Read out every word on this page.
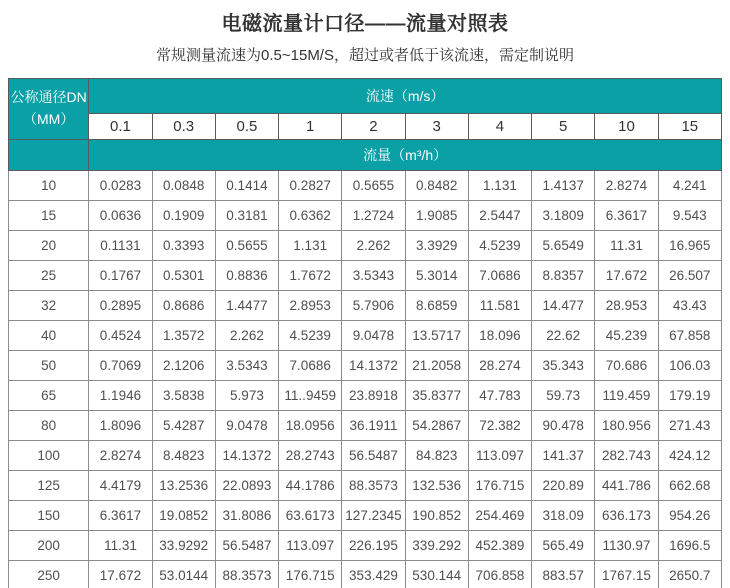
电磁流量计口径——流量对照表

常规测量流速为0.5~15M/S，超过或者低于该流速，需定制说明

公称通径DN
（MM）	流速（m/s）									
	0.1	0.3	0.5	1	2	3	4	5	10	15
	流量（m³/h）									
10	0.0283	0.0848	0.1414	0.2827	0.5655	0.8482	1.131	1.4137	2.8274	4.241
15	0.0636	0.1909	0.3181	0.6362	1.2724	1.9085	2.5447	3.1809	6.3617	9.543
20	0.1131	0.3393	0.5655	1.131	2.262	3.3929	4.5239	5.6549	11.31	16.965
25	0.1767	0.5301	0.8836	1.7672	3.5343	5.3014	7.0686	8.8357	17.672	26.507
32	0.2895	0.8686	1.4477	2.8953	5.7906	8.6859	11.581	14.477	28.953	43.43
40	0.4524	1.3572	2.262	4.5239	9.0478	13.5717	18.096	22.62	45.239	67.858
50	0.7069	2.1206	3.5343	7.0686	14.1372	21.2058	28.274	35.343	70.686	106.03
65	1.1946	3.5838	5.973	11..9459	23.8918	35.8377	47.783	59.73	119.459	179.19
80	1.8096	5.4287	9.0478	18.0956	36.1911	54.2867	72.382	90.478	180.956	271.43
100	2.8274	8.4823	14.1372	28.2743	56.5487	84.823	113.097	141.37	282.743	424.12
125	4.4179	13.2536	22.0893	44.1786	88.3573	132.536	176.715	220.89	441.786	662.68
150	6.3617	19.0852	31.8086	63.6173	127.2345	190.852	254.469	318.09	636.173	954.26
200	11.31	33.9292	56.5487	113.097	226.195	339.292	452.389	565.49	1130.97	1696.5
250	17.672	53.0144	88.3573	176.715	353.429	530.144	706.858	883.57	1767.15	2650.7
